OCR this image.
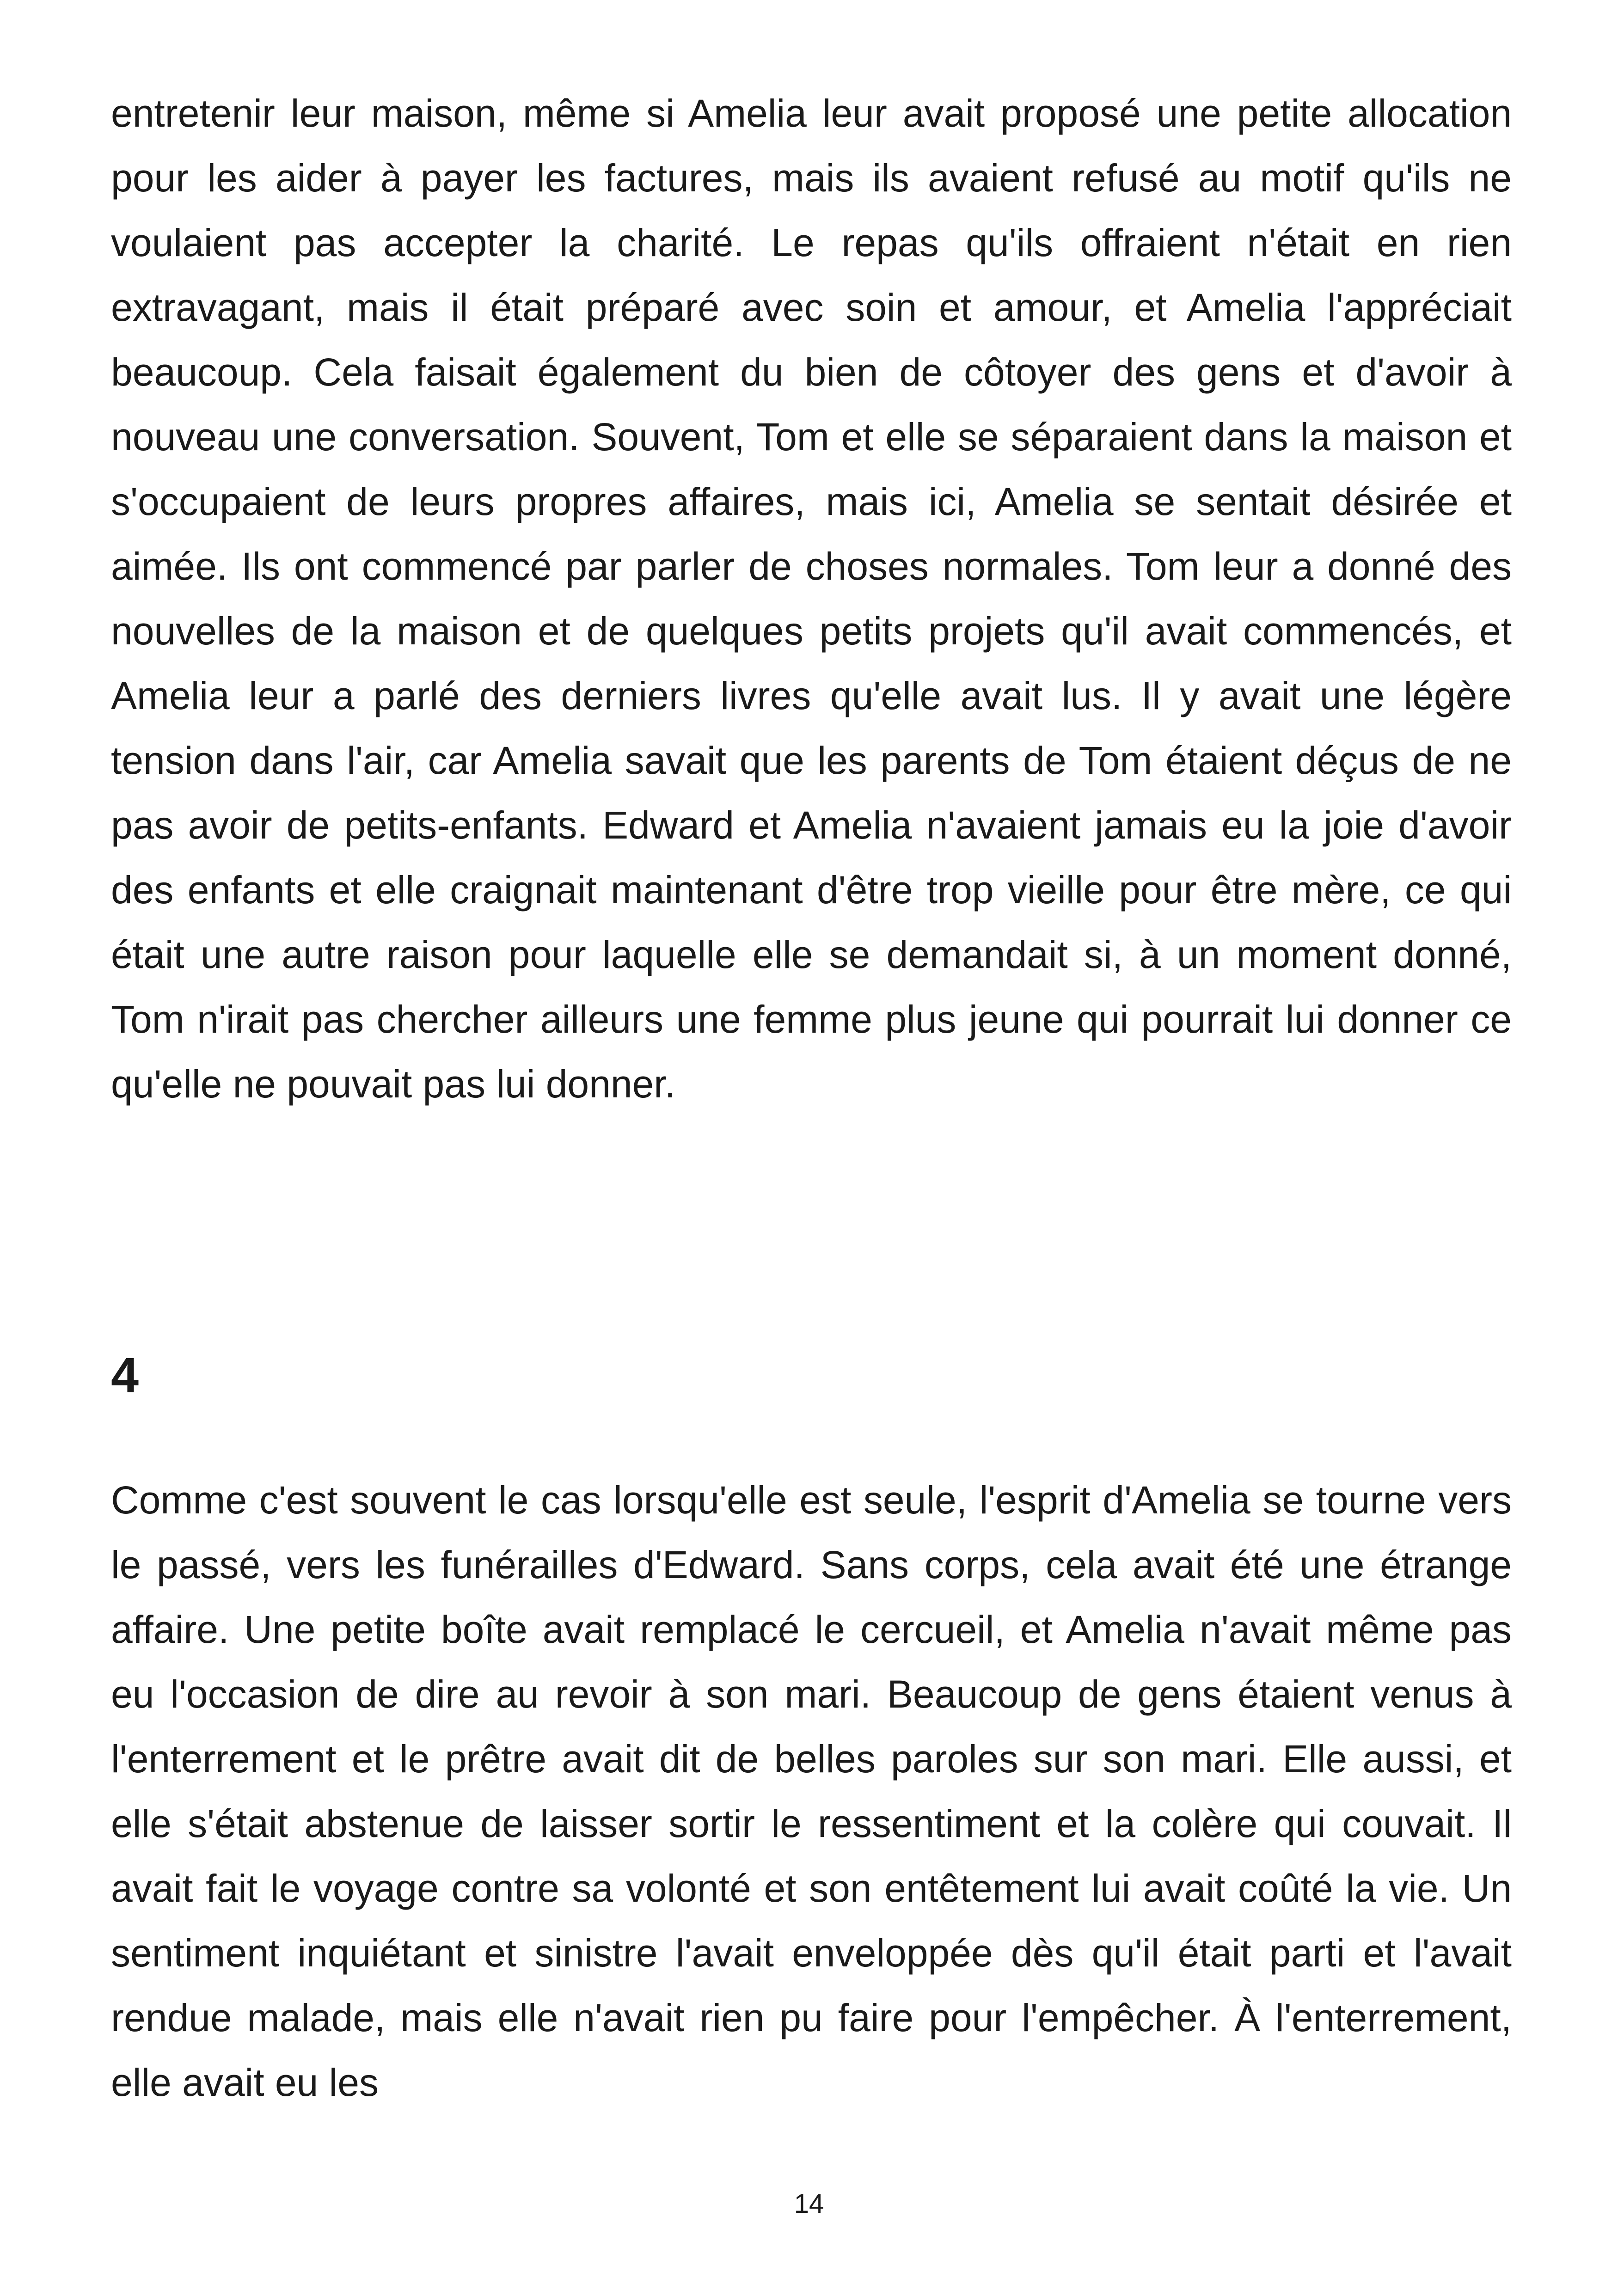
entretenir leur maison, même si Amelia leur avait proposé une petite allocation pour les aider à payer les factures, mais ils avaient refusé au motif qu'ils ne voulaient pas accepter la charité. Le repas qu'ils offraient n'était en rien extravagant, mais il était préparé avec soin et amour, et Amelia l'appréciait beaucoup. Cela faisait également du bien de côtoyer des gens et d'avoir à nouveau une conversation. Souvent, Tom et elle se séparaient dans la maison et s'occupaient de leurs propres affaires, mais ici, Amelia se sentait désirée et aimée. Ils ont commencé par parler de choses normales. Tom leur a donné des nouvelles de la maison et de quelques petits projets qu'il avait commencés, et Amelia leur a parlé des derniers livres qu'elle avait lus. Il y avait une légère tension dans l'air, car Amelia savait que les parents de Tom étaient déçus de ne pas avoir de petits-enfants. Edward et Amelia n'avaient jamais eu la joie d'avoir des enfants et elle craignait maintenant d'être trop vieille pour être mère, ce qui était une autre raison pour laquelle elle se demandait si, à un moment donné, Tom n'irait pas chercher ailleurs une femme plus jeune qui pourrait lui donner ce qu'elle ne pouvait pas lui donner.

4

Comme c'est souvent le cas lorsqu'elle est seule, l'esprit d'Amelia se tourne vers le passé, vers les funérailles d'Edward. Sans corps, cela avait été une étrange affaire. Une petite boîte avait remplacé le cercueil, et Amelia n'avait même pas eu l'occasion de dire au revoir à son mari. Beaucoup de gens étaient venus à l'enterrement et le prêtre avait dit de belles paroles sur son mari. Elle aussi, et elle s'était abstenue de laisser sortir le ressentiment et la colère qui couvait. Il avait fait le voyage contre sa volonté et son entêtement lui avait coûté la vie. Un sentiment inquiétant et sinistre l'avait enveloppée dès qu'il était parti et l'avait rendue malade, mais elle n'avait rien pu faire pour l'empêcher. À l'enterrement, elle avait eu les

14
